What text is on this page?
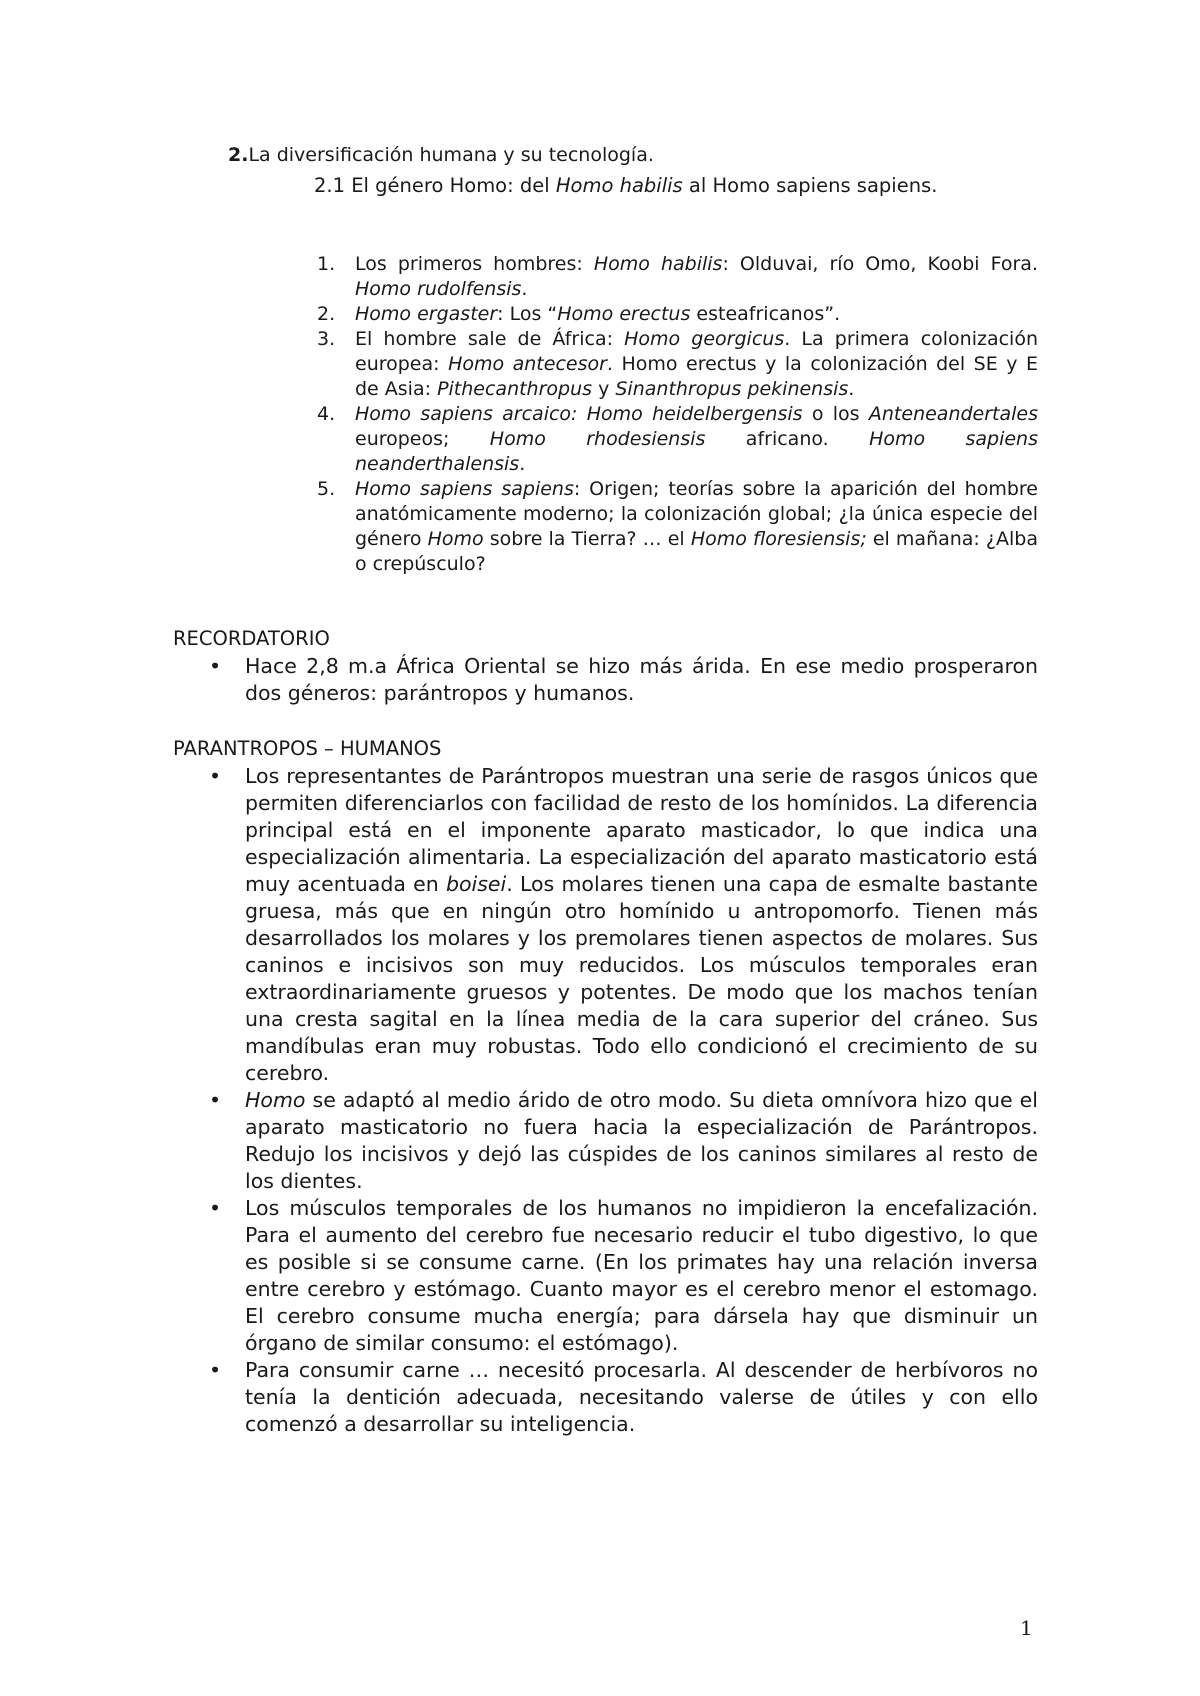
2.La diversificación humana y su tecnología.
2.1 El género Homo: del Homo habilis al Homo sapiens sapiens.
1. Los primeros hombres: Homo habilis: Olduvai, río Omo, Koobi Fora. Homo rudolfensis.
2. Homo ergaster: Los “Homo erectus esteafricanos”.
3. El hombre sale de África: Homo georgicus. La primera colonización europea: Homo antecesor. Homo erectus y la colonización del SE y E de Asia: Pithecanthropus y Sinanthropus pekinensis.
4. Homo sapiens arcaico: Homo heidelbergensis o los Anteneandertales europeos; Homo rhodesiensis africano. Homo sapiens neanderthalensis.
5. Homo sapiens sapiens: Origen; teorías sobre la aparición del hombre anatómicamente moderno; la colonización global; ¿la única especie del género Homo sobre la Tierra? … el Homo floresiensis; el mañana: ¿Alba o crepúsculo?
RECORDATORIO
• Hace 2,8 m.a África Oriental se hizo más árida. En ese medio prosperaron dos géneros: parántropos y humanos.
PARANTROPOS – HUMANOS
• Los representantes de Parántropos muestran una serie de rasgos únicos que permiten diferenciarlos con facilidad de resto de los homínidos. La diferencia principal está en el imponente aparato masticador, lo que indica una especialización alimentaria. La especialización del aparato masticatorio está muy acentuada en boisei. Los molares tienen una capa de esmalte bastante gruesa, más que en ningún otro homínido u antropomorfo. Tienen más desarrollados los molares y los premolares tienen aspectos de molares. Sus caninos e incisivos son muy reducidos. Los músculos temporales eran extraordinariamente gruesos y potentes. De modo que los machos tenían una cresta sagital en la línea media de la cara superior del cráneo. Sus mandíbulas eran muy robustas. Todo ello condicionó el crecimiento de su cerebro.
• Homo se adaptó al medio árido de otro modo. Su dieta omnívora hizo que el aparato masticatorio no fuera hacia la especialización de Parántropos. Redujo los incisivos y dejó las cúspides de los caninos similares al resto de los dientes.
• Los músculos temporales de los humanos no impidieron la encefalización. Para el aumento del cerebro fue necesario reducir el tubo digestivo, lo que es posible si se consume carne. (En los primates hay una relación inversa entre cerebro y estómago. Cuanto mayor es el cerebro menor el estomago. El cerebro consume mucha energía; para dársela hay que disminuir un órgano de similar consumo: el estómago).
• Para consumir carne … necesitó procesarla. Al descender de herbívoros no tenía la dentición adecuada, necesitando valerse de útiles y con ello comenzó a desarrollar su inteligencia.
1
